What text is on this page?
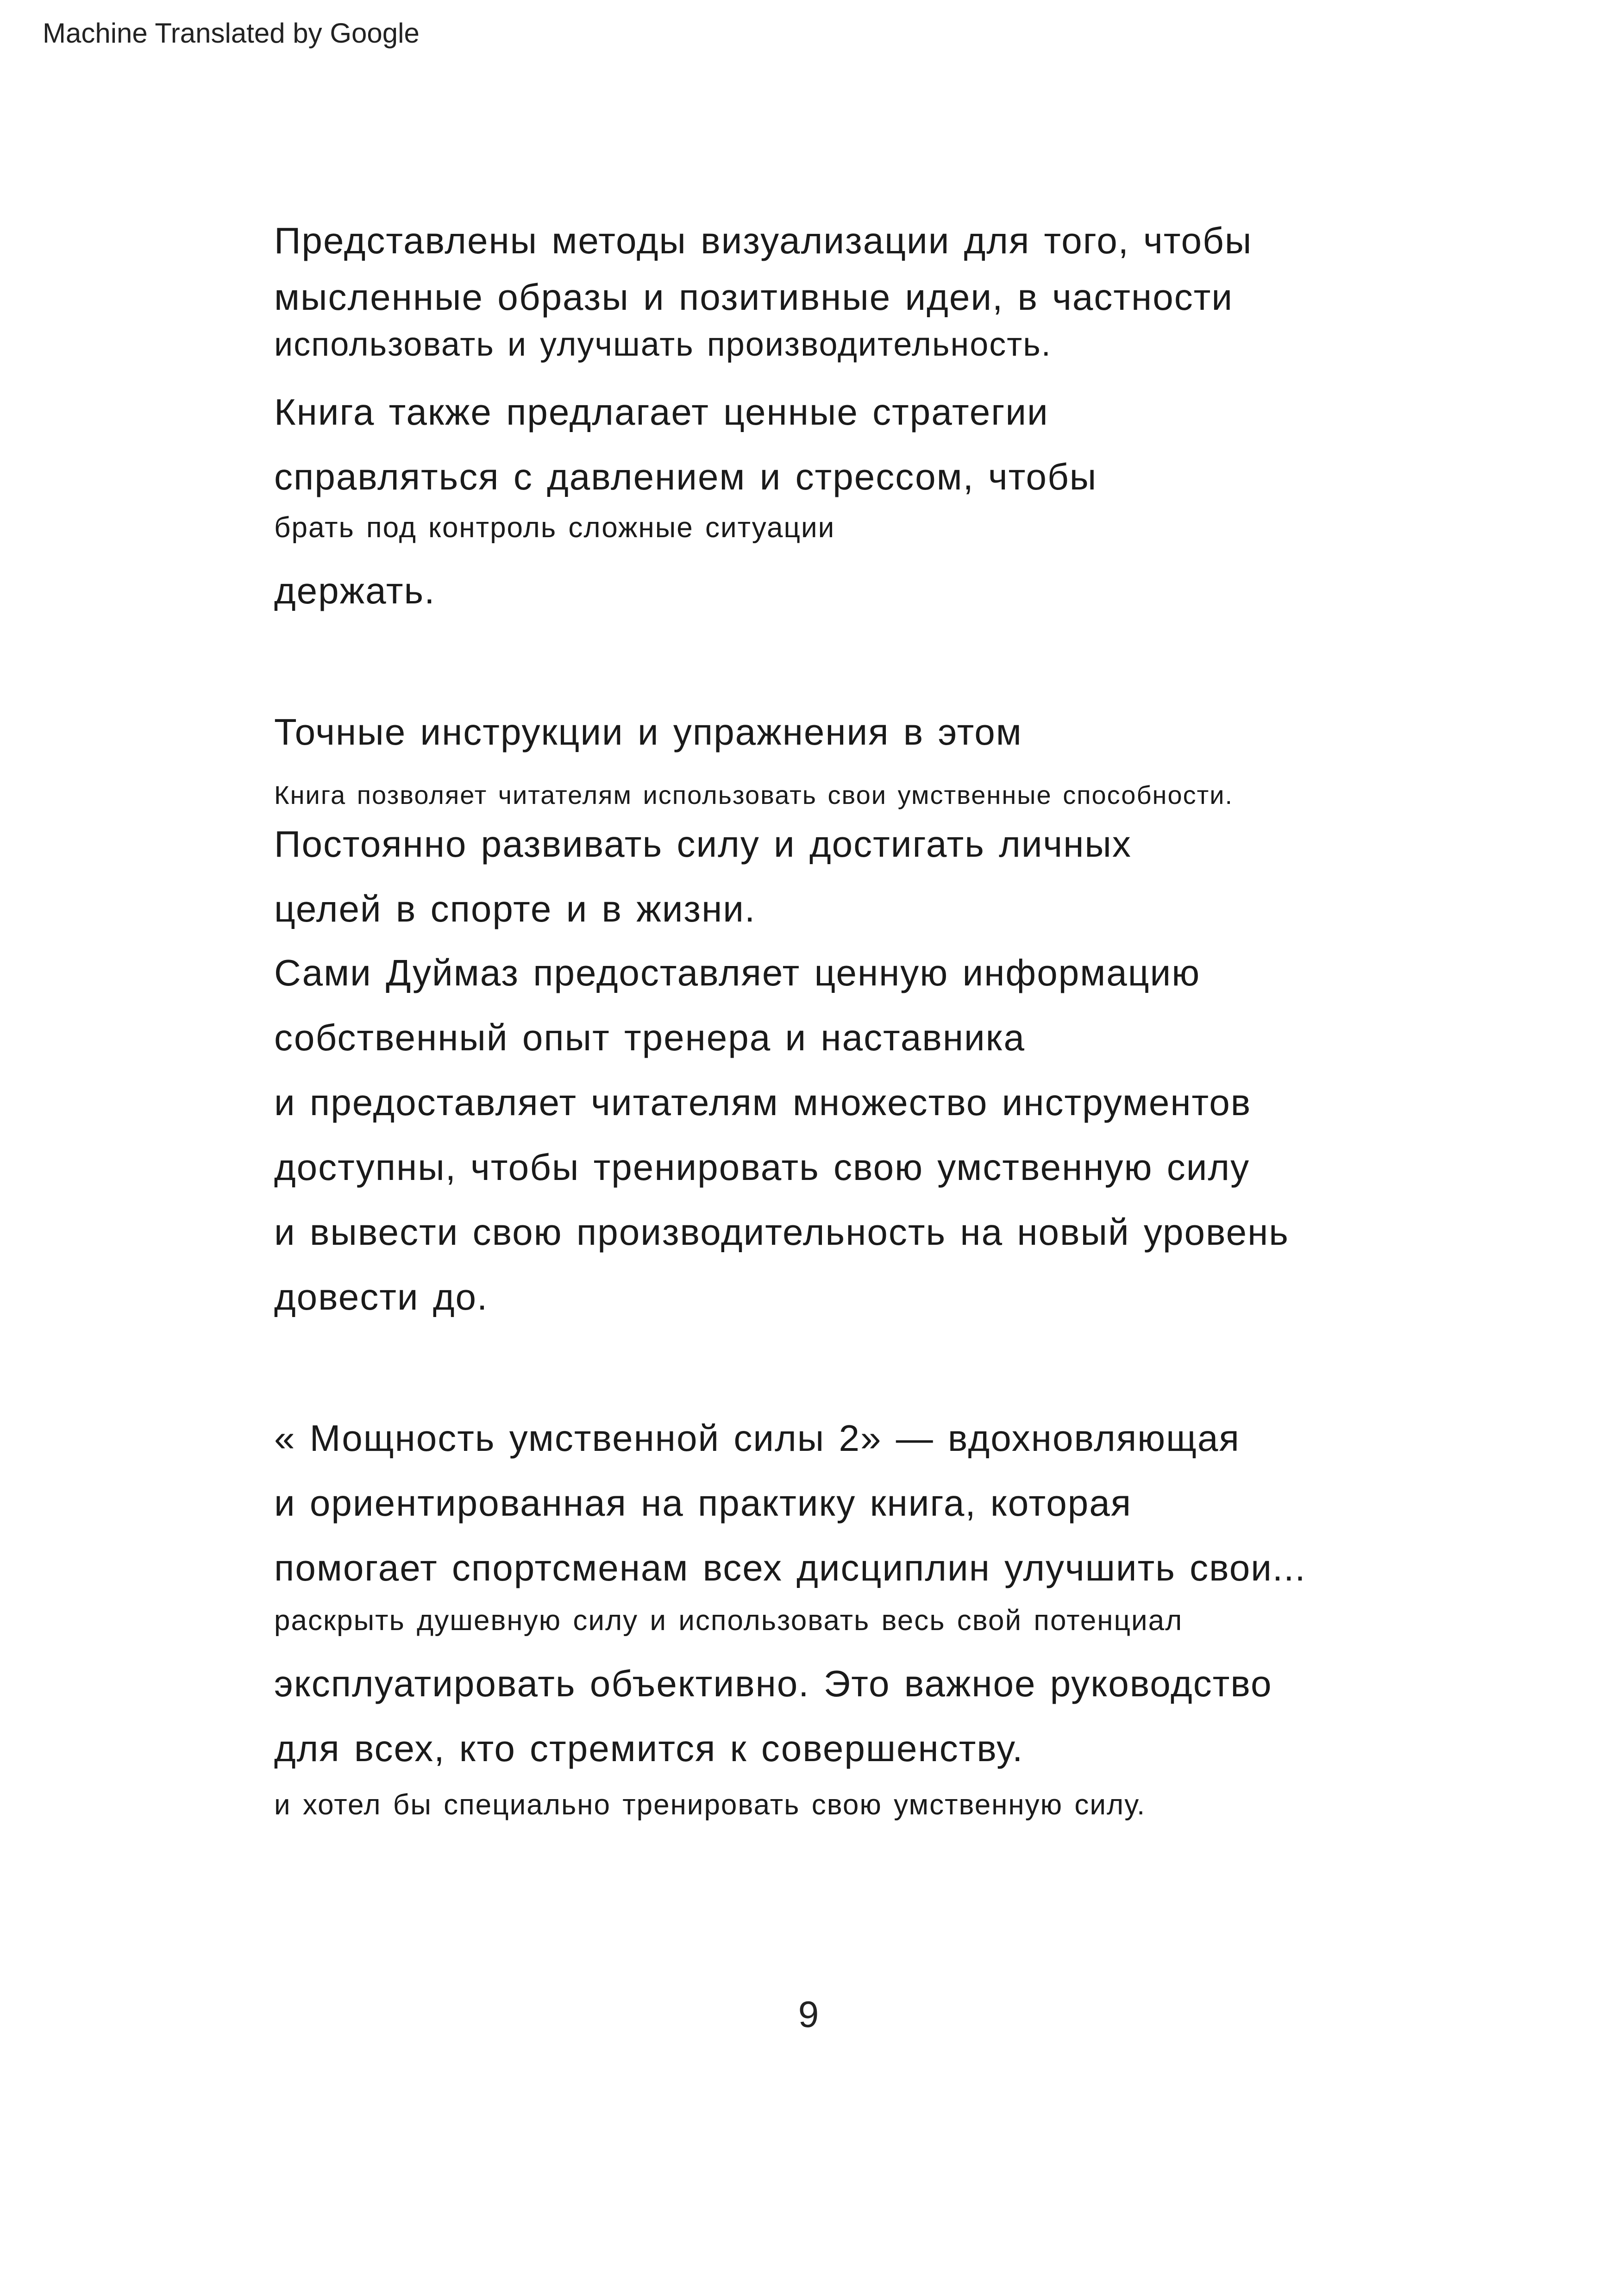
Machine Translated by Google
Представлены методы визуализации для того, чтобы
мысленные образы и позитивные идеи, в частности
использовать и улучшать производительность.
Книга также предлагает ценные стратегии
справляться с давлением и стрессом, чтобы
брать под контроль сложные ситуации
держать.
Точные инструкции и упражнения в этом
Книга позволяет читателям использовать свои умственные способности.
Постоянно развивать силу и достигать личных
целей в спорте и в жизни.
Сами Дуймаз предоставляет ценную информацию
собственный опыт тренера и наставника
и предоставляет читателям множество инструментов
доступны, чтобы тренировать свою умственную силу
и вывести свою производительность на новый уровень
довести до.
« Мощность умственной силы 2» — вдохновляющая
и ориентированная на практику книга, которая
помогает спортсменам всех дисциплин улучшить свои...
раскрыть душевную силу и использовать весь свой потенциал
эксплуатировать объективно. Это важное руководство
для всех, кто стремится к совершенству.
и хотел бы специально тренировать свою умственную силу.
9
